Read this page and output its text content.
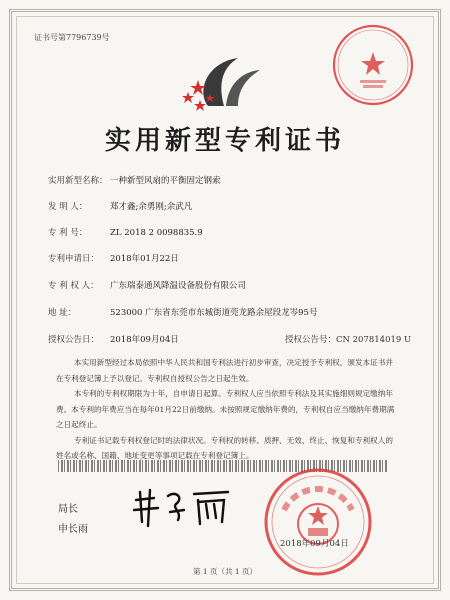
证书号第7796739号
实用新型专利证书
实用新型名称： 一种新型风扇的平衡固定钢索
发 明 人：	郑才鑫;余勇刚;余武凡
专 利 号：	ZL 2018 2 0098835.9
专利申请日： 2018年01月22日
专 利 权 人： 广东瑞泰通风降温设备股份有限公司
地 址：	523000 广东省东莞市东城街道莞龙路余屋段龙岑95号
授权公告日： 2018年09月04日	授权公告号：CN 207814019 U

本实用新型经过本局依照中华人民共和国专利法进行初步审查，决定授予专利权，颁发本证书并在专利登记簿上予以登记。专利权自授权公告之日起生效。

本专利的专利权期限为十年，自申请日起算。专利权人应当依照专利法及其实施细则规定缴纳年费。本专利的年费应当在每年01月22日前缴纳。未按照规定缴纳年费的，专利权自应当缴纳年费期满之日起终止。

专利证书记载专利权登记时的法律状况。专利权的转移、质押、无效、终止、恢复和专利权人的姓名或名称、国籍、地址变更等事项记载在专利登记簿上。

局长
申长雨
2018年09月04日
第 1 页（共 1 页）
